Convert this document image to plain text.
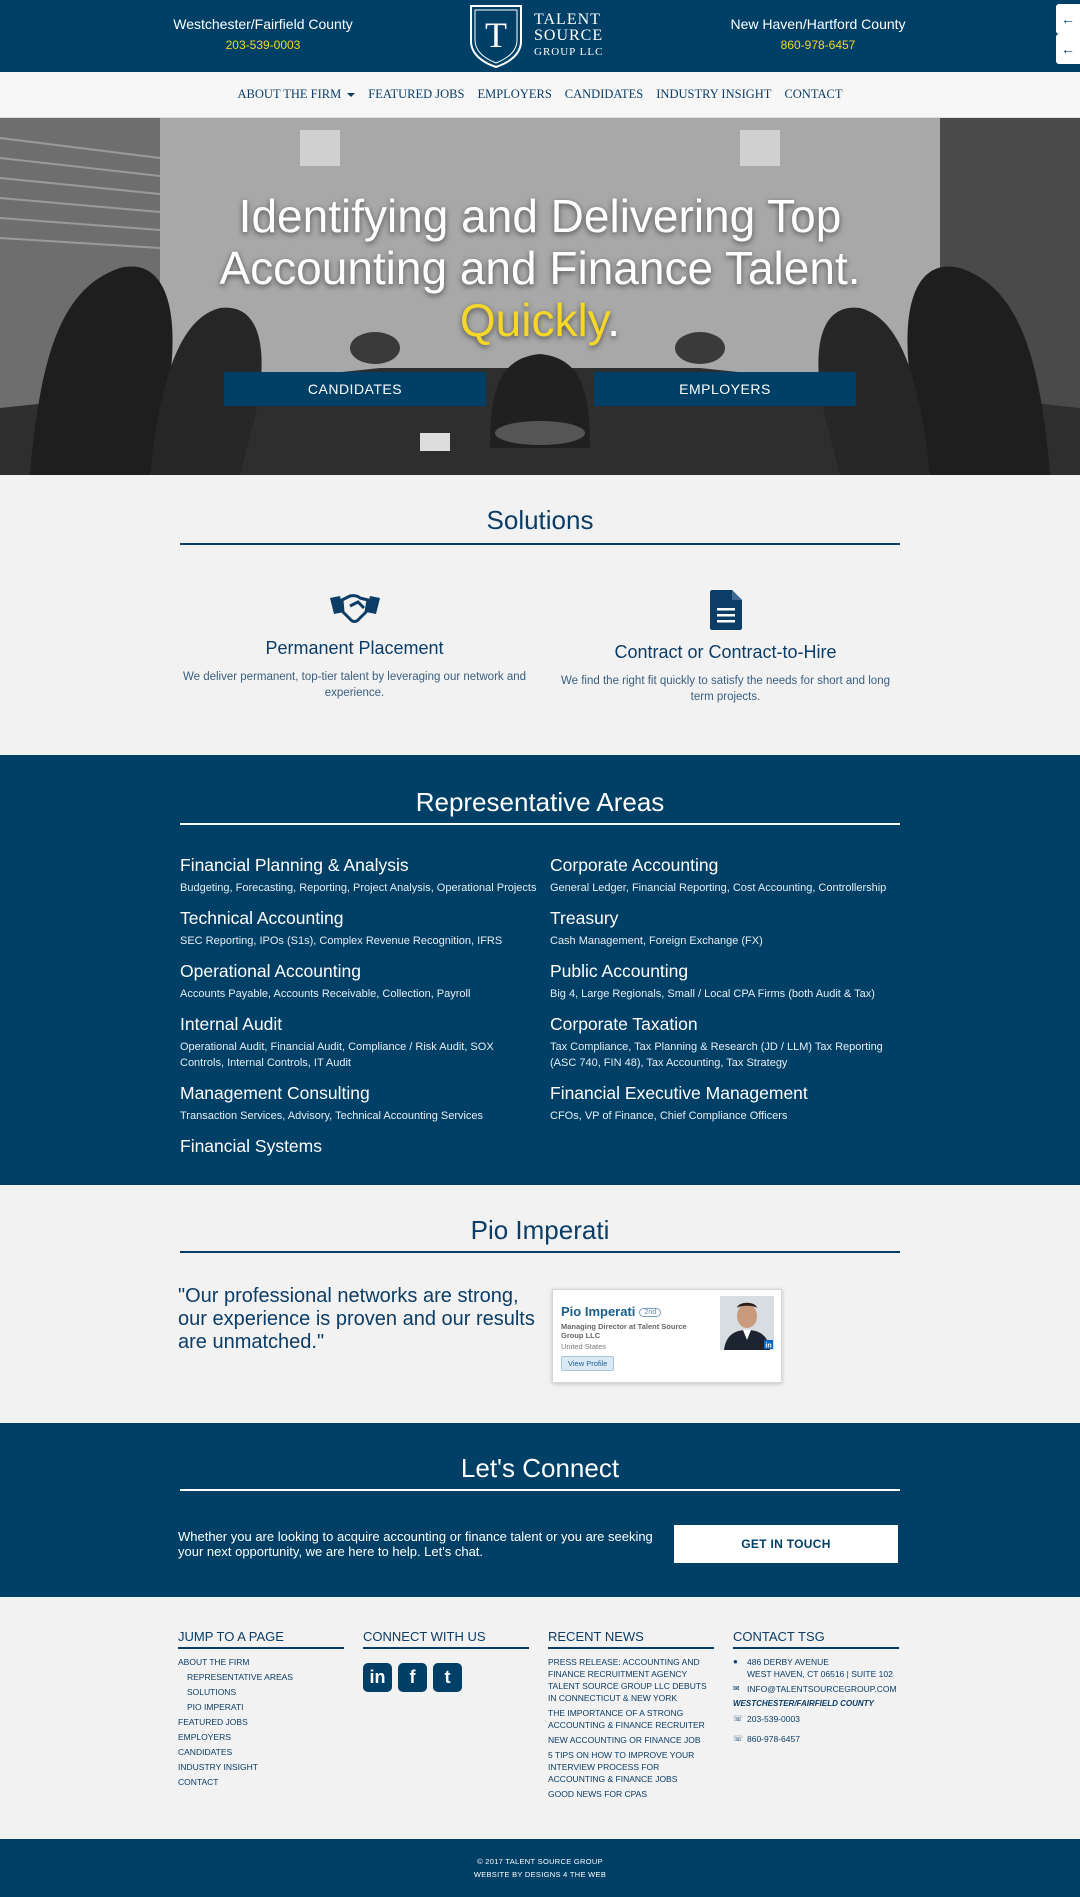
Westchester/Fairfield County
203-539-0003	T TALENT
SOURCE
GROUP LLC
New Haven/Hartford County
860-978-6457
←
←
ABOUT THE FIRM	FEATURED JOBS EMPLOYERS CANDIDATES INDUSTRY INSIGHT CONTACT
Identifying and Delivering Top
Accounting and Finance Talent.
Quickly.
CANDIDATES	EMPLOYERS
Solutions
Permanent Placement
We deliver permanent, top-tier talent by leveraging our network and experience.
Contract or Contract-to-Hire
We find the right fit quickly to satisfy the needs for short and long term projects.
Representative Areas
Financial Planning & Analysis
Budgeting, Forecasting, Reporting, Project Analysis, Operational Projects
Technical Accounting
SEC Reporting, IPOs (S1s), Complex Revenue Recognition, IFRS
Operational Accounting
Accounts Payable, Accounts Receivable, Collection, Payroll
Internal Audit
Operational Audit, Financial Audit, Compliance / Risk Audit, SOX Controls, Internal Controls, IT Audit
Management Consulting
Transaction Services, Advisory, Technical Accounting Services
Financial Systems
Corporate Accounting
General Ledger, Financial Reporting, Cost Accounting, Controllership
Treasury
Cash Management, Foreign Exchange (FX)
Public Accounting
Big 4, Large Regionals, Small / Local CPA Firms (both Audit & Tax)
Corporate Taxation
Tax Compliance, Tax Planning & Research (JD / LLM) Tax Reporting (ASC 740, FIN 48), Tax Accounting, Tax Strategy
Financial Executive Management
CFOs, VP of Finance, Chief Compliance Officers
Pio Imperati
"Our professional networks are strong, our experience is proven and our results are unmatched."
Pio Imperati 2nd
Managing Director at Talent Source Group LLC
United States
View Profile
in
Let's Connect
Whether you are looking to acquire accounting or finance talent or you are seeking your next opportunity, we are here to help. Let's chat.	GET IN TOUCH
JUMP TO A PAGE
ABOUT THE FIRM
REPRESENTATIVE AREAS
SOLUTIONS
PIO IMPERATI
FEATURED JOBS
EMPLOYERS
CANDIDATES
INDUSTRY INSIGHT
CONTACT
CONNECT WITH US
in	f	t
RECENT NEWS
PRESS RELEASE: ACCOUNTING AND FINANCE RECRUITMENT AGENCY TALENT SOURCE GROUP LLC DEBUTS IN CONNECTICUT & NEW YORK
THE IMPORTANCE OF A STRONG ACCOUNTING & FINANCE RECRUITER
NEW ACCOUNTING OR FINANCE JOB
5 TIPS ON HOW TO IMPROVE YOUR INTERVIEW PROCESS FOR ACCOUNTING & FINANCE JOBS
GOOD NEWS FOR CPAS
CONTACT TSG
●	486 DERBY AVENUE
WEST HAVEN, CT 06516 | SUITE 102
✉ INFO@TALENTSOURCEGROUP.COM
WESTCHESTER/FAIRFIELD COUNTY
☏ 203-539-0003
☏ 860-978-6457
© 2017 TALENT SOURCE GROUP
WEBSITE BY DESIGNS 4 THE WEB
